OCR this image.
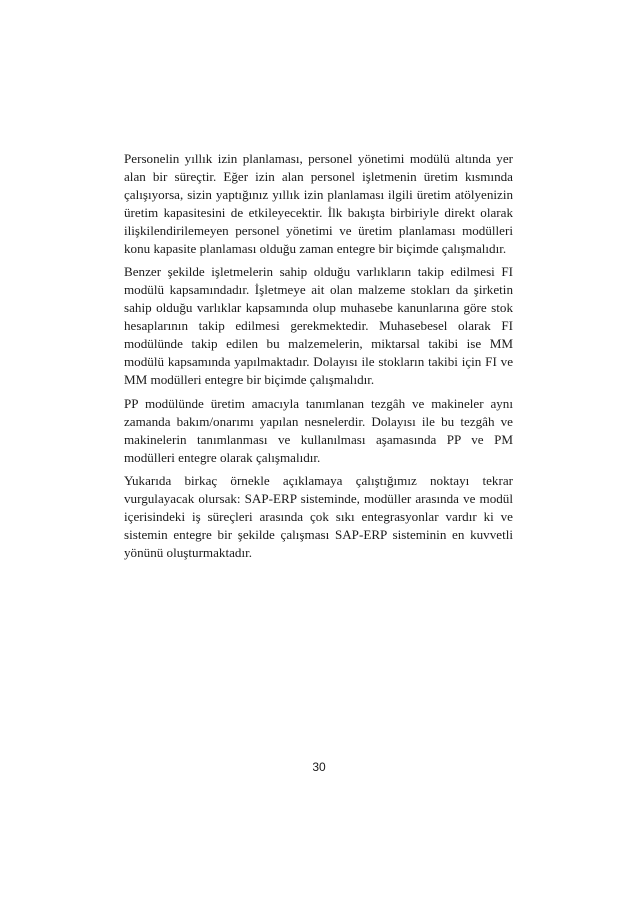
Personelin yıllık izin planlaması, personel yönetimi modülü altında yer alan bir süreçtir. Eğer izin alan personel işletmenin üretim kısmında çalışıyorsa, sizin yaptığınız yıllık izin planlaması ilgili üretim atölyenizin üretim kapasitesini de etkileyecektir. İlk bakışta birbiriyle direkt olarak ilişkilendirilemeyen personel yönetimi ve üretim planlaması modülleri konu kapasite planlaması olduğu zaman entegre bir biçimde çalışmalıdır.

Benzer şekilde işletmelerin sahip olduğu varlıkların takip edilmesi FI modülü kapsamındadır. İşletmeye ait olan malzeme stokları da şirketin sahip olduğu varlıklar kapsamında olup muhasebe kanunlarına göre stok hesaplarının takip edilmesi gerekmektedir. Muhasebesel olarak FI modülünde takip edilen bu malzemelerin, miktarsal takibi ise MM modülü kapsamında yapılmaktadır. Dolayısı ile stokların takibi için FI ve MM modülleri entegre bir biçimde çalışmalıdır.

PP modülünde üretim amacıyla tanımlanan tezgâh ve makineler aynı zamanda bakım/onarımı yapılan nesnelerdir. Dolayısı ile bu tezgâh ve makinelerin tanımlanması ve kullanılması aşamasında PP ve PM modülleri entegre olarak çalışmalıdır.

Yukarıda birkaç örnekle açıklamaya çalıştığımız noktayı tekrar vurgulayacak olursak: SAP-ERP sisteminde, modüller arasında ve modül içerisindeki iş süreçleri arasında çok sıkı entegrasyonlar vardır ki ve sistemin entegre bir şekilde çalışması SAP-ERP sisteminin en kuvvetli yönünü oluşturmaktadır.

30
